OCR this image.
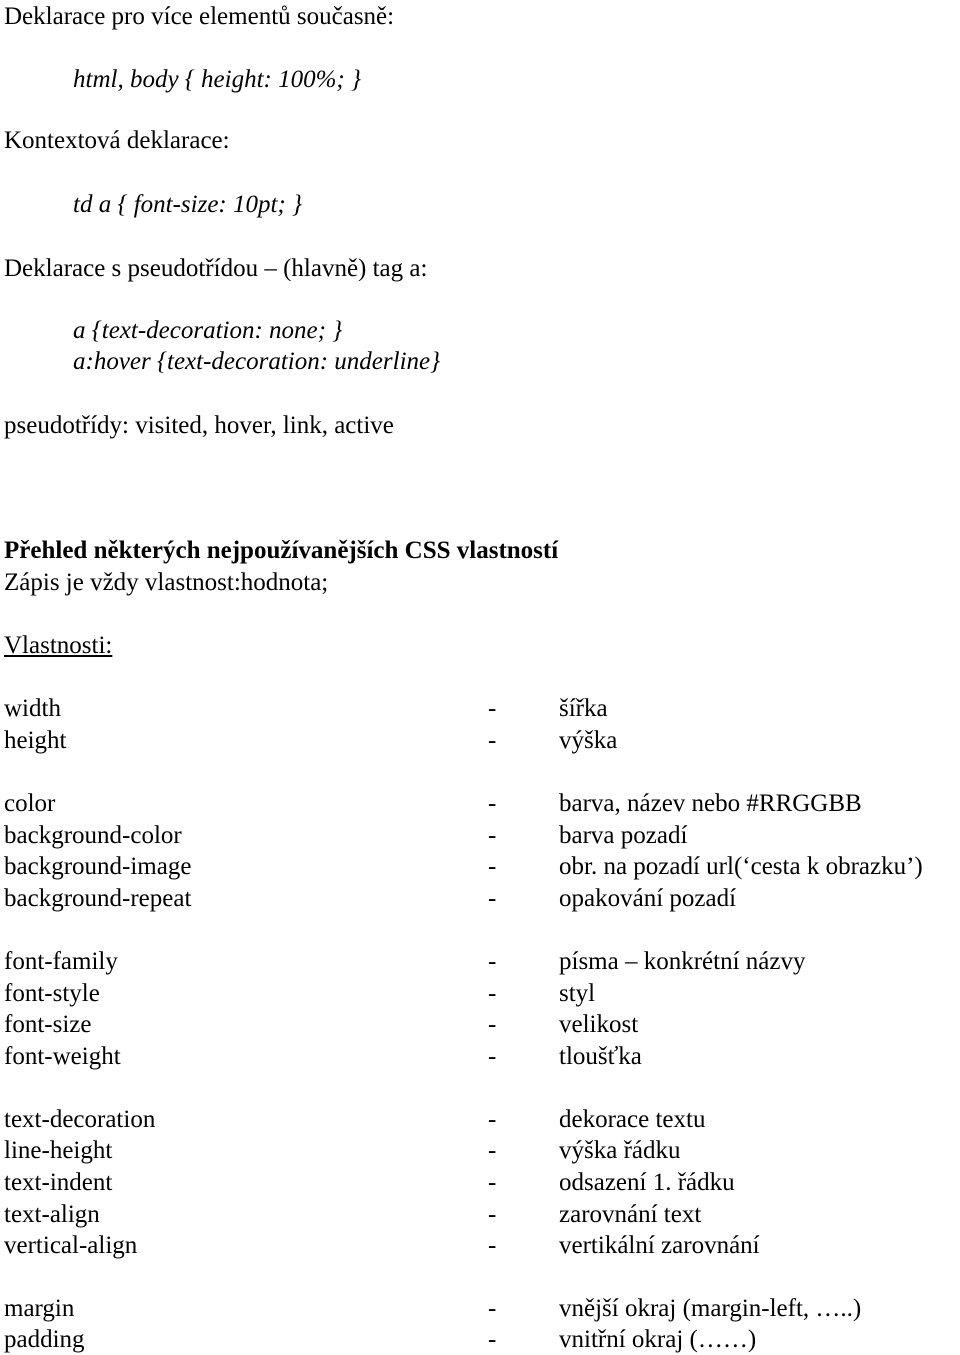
Deklarace pro více elementů současně:
html, body { height: 100%; }
Kontextová deklarace:
td a { font-size: 10pt; }
Deklarace s pseudotřídou – (hlavně) tag a:
a {text-decoration: none; }
a:hover {text-decoration: underline}
pseudotřídy: visited, hover, link, active
Přehled některých nejpoužívanějších CSS vlastností
Zápis je vždy vlastnost:hodnota;
Vlastnosti:
width	-	šířka
height	-	výška
color	-	barva, název nebo #RRGGBB
background-color	-	barva pozadí
background-image	-	obr. na pozadí url(‘cesta k obrazku’)
background-repeat	-	opakování pozadí
font-family	-	písma – konkrétní názvy
font-style	-	styl
font-size	-	velikost
font-weight	-	tloušťka
text-decoration	-	dekorace textu
line-height	-	výška řádku
text-indent	-	odsazení 1. řádku
text-align	-	zarovnání text
vertical-align	-	vertikální zarovnání
margin	-	vnější okraj (margin-left, …..)
padding	-	vnitřní okraj (……)
